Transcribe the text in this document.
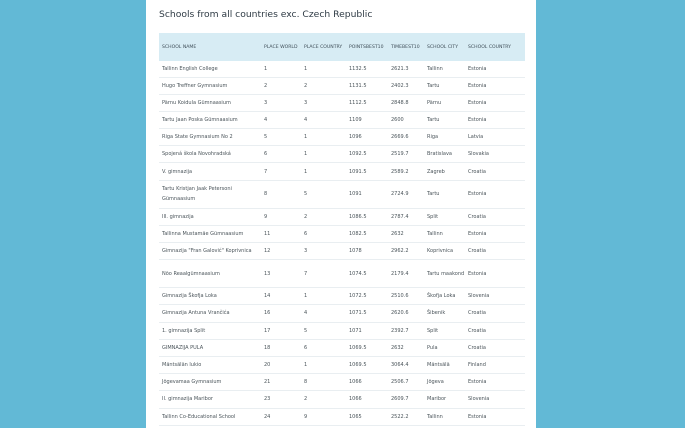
Schools from all countries exc. Czech Republic
SCHOOL NAME	PLACE WORLD	PLACE COUNTRY	POINTSBEST10	TIMEBEST10	SCHOOL CITY	SCHOOL COUNTRY
Tallinn English College	1	1	1132.5	2621.3	Tallinn	Estonia
Hugo Treffner Gymnasium	2	2	1131.5	2402.3	Tartu	Estonia
Pärnu Koidula Gümnaasium	3	3	1112.5	2848.8	Pärnu	Estonia
Tartu Jaan Poska Gümnaasium	4	4	1109	2600	Tartu	Estonia
Riga State Gymnasium No 2	5	1	1096	2669.6	Riga	Latvia
Spojená škola Novohradská	6	1	1092.5	2519.7	Bratislava	Slovakia
V. gimnazija	7	1	1091.5	2589.2	Zagreb	Croatia
Tartu Kristjan Jaak Petersoni Gümnaasium	8	5	1091	2724.9	Tartu	Estonia
III. gimnazija	9	2	1086.5	2787.4	Split	Croatia
Tallinna Mustamäe Gümnaasium	11	6	1082.5	2632	Tallinn	Estonia
Gimnazija "Fran Galović" Koprivnica	12	3	1078	2962.2	Koprivnica	Croatia
Nõo Reaalgümnaasium	13	7	1074.5	2179.4	Tartu maakond	Estonia
Gimnazija Škofja Loka	14	1	1072.5	2510.6	Škofja Loka	Slovenia
Gimnazija Antuna Vrančića	16	4	1071.5	2620.6	Šibenik	Croatia
1. gimnazija Split	17	5	1071	2392.7	Split	Croatia
GIMNAZIJA PULA	18	6	1069.5	2632	Pula	Croatia
Mäntsälän lukio	20	1	1069.5	3064.4	Mäntsälä	Finland
Jõgevamaa Gymnasium	21	8	1066	2506.7	Jõgeva	Estonia
II. gimnazija Maribor	23	2	1066	2609.7	Maribor	Slovenia
Tallinn Co-Educational School	24	9	1065	2522.2	Tallinn	Estonia
